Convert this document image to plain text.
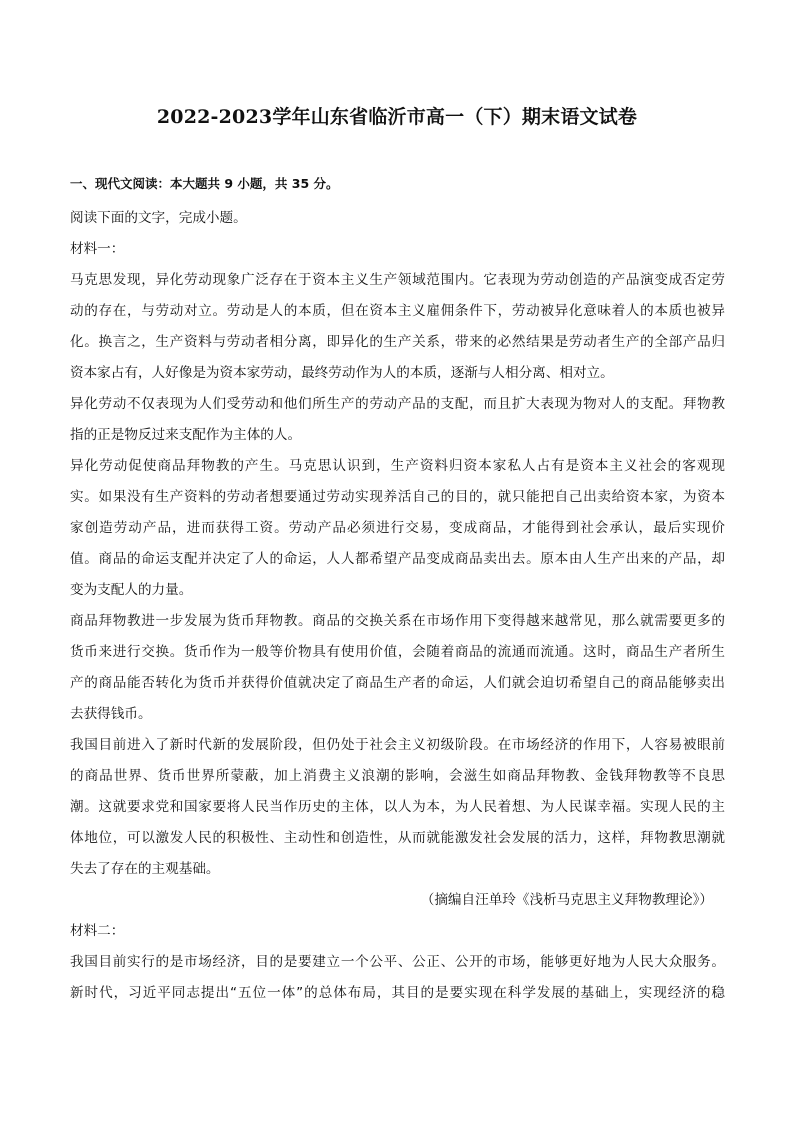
2022-2023学年山东省临沂市高一（下）期末语文试卷
一、现代文阅读：本大题共 9 小题，共 35 分。
阅读下面的文字，完成小题。
材料一：
马克思发现，异化劳动现象广泛存在于资本主义生产领域范围内。它表现为劳动创造的产品演变成否定劳
动的存在，与劳动对立。劳动是人的本质，但在资本主义雇佣条件下，劳动被异化意味着人的本质也被异
化。换言之，生产资料与劳动者相分离，即异化的生产关系，带来的必然结果是劳动者生产的全部产品归
资本家占有，人好像是为资本家劳动，最终劳动作为人的本质，逐渐与人相分离、相对立。
异化劳动不仅表现为人们受劳动和他们所生产的劳动产品的支配，而且扩大表现为物对人的支配。拜物教
指的正是物反过来支配作为主体的人。
异化劳动促使商品拜物教的产生。马克思认识到，生产资料归资本家私人占有是资本主义社会的客观现
实。如果没有生产资料的劳动者想要通过劳动实现养活自己的目的，就只能把自己出卖给资本家，为资本
家创造劳动产品，进而获得工资。劳动产品必须进行交易，变成商品，才能得到社会承认，最后实现价
值。商品的命运支配并决定了人的命运，人人都希望产品变成商品卖出去。原本由人生产出来的产品，却
变为支配人的力量。
商品拜物教进一步发展为货币拜物教。商品的交换关系在市场作用下变得越来越常见，那么就需要更多的
货币来进行交换。货币作为一般等价物具有使用价值，会随着商品的流通而流通。这时，商品生产者所生
产的商品能否转化为货币并获得价值就决定了商品生产者的命运，人们就会迫切希望自己的商品能够卖出
去获得钱币。
我国目前进入了新时代新的发展阶段，但仍处于社会主义初级阶段。在市场经济的作用下，人容易被眼前
的商品世界、货币世界所蒙蔽，加上消费主义浪潮的影响，会滋生如商品拜物教、金钱拜物教等不良思
潮。这就要求党和国家要将人民当作历史的主体，以人为本，为人民着想、为人民谋幸福。实现人民的主
体地位，可以激发人民的积极性、主动性和创造性，从而就能激发社会发展的活力，这样，拜物教思潮就
失去了存在的主观基础。
（摘编自汪单玲《浅析马克思主义拜物教理论》）
材料二：
我国目前实行的是市场经济，目的是要建立一个公平、公正、公开的市场，能够更好地为人民大众服务。
新时代，习近平同志提出“五位一体”的总体布局，其目的是要实现在科学发展的基础上，实现经济的稳
